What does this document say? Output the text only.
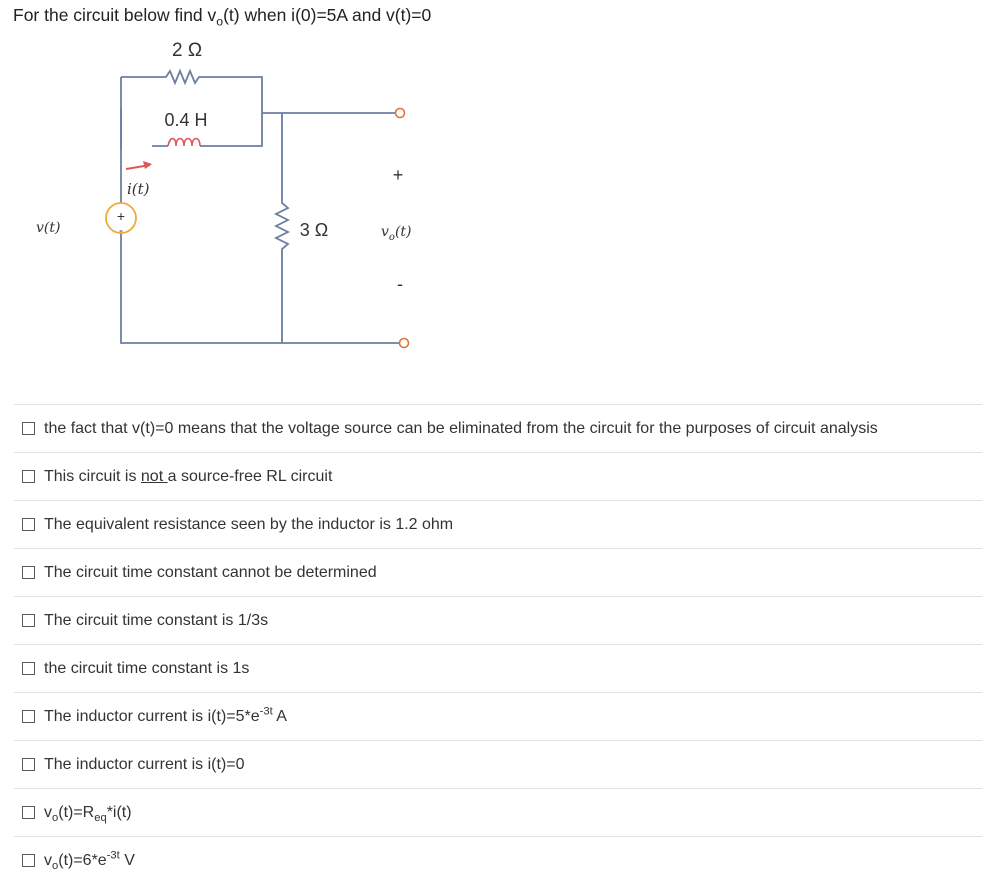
For the circuit below find $v_o(t)$ when i(0)=5A and v(t)=0
+
-
2 Ω
0.4 H
i(t)
v(t)	3 Ω
+
-
$v_o(t)$
the fact that v(t)=0 means that the voltage source can be eliminated from the circuit for the purposes of circuit analysis
This circuit is not a source-free RL circuit
The equivalent resistance seen by the inductor is 1.2 ohm
The circuit time constant cannot be determined
The circuit time constant is 1/3s
the circuit time constant is 1s
The inductor current is $i(t)=5*e^{-3t}$ A
The inductor current is i(t)=0
$v_o(t)=R_{eq}*i(t)$
$v_o(t)=6*e^{-3t}$ V
